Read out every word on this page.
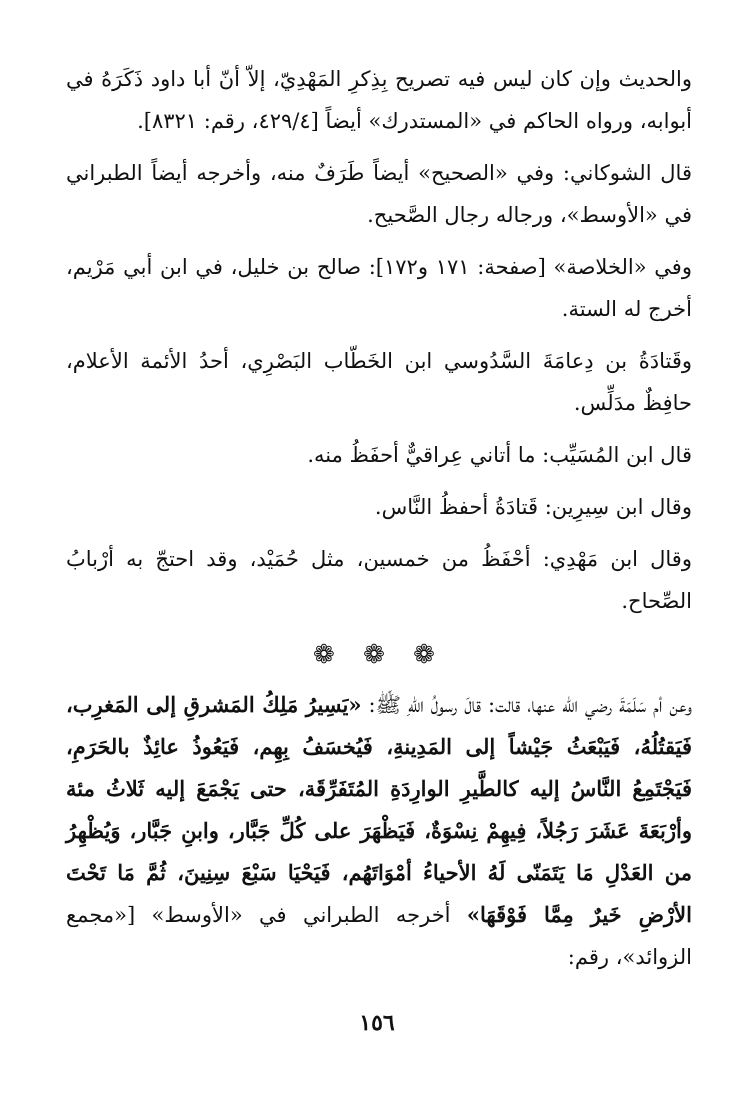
والحديث وإن كان ليس فيه تصريح بِذِكرِ المَهْدِيّ، إلاّ أنّ أبا داود ذَكَرَهُ في أبوابه، ورواه الحاكم في «المستدرك» أيضاً [٤٢٩/٤، رقم: ٨٣٢١].

قال الشوكاني: وفي «الصحيح» أيضاً طَرَفٌ منه، وأخرجه أيضاً الطبراني في «الأوسط»، ورجاله رجال الصَّحيح.

وفي «الخلاصة» [صفحة: ١٧١ و١٧٢]: صالح بن خليل، في ابن أبي مَرْيم، أخرج له الستة.

وقَتادَةُ بن دِعامَةَ السَّدُوسي ابن الخَطّاب البَصْرِي، أحدُ الأئمة الأعلام، حافِظٌ مدَلِّس.

قال ابن المُسَيِّب: ما أتاني عِراقيٌّ أحفَظُ منه.

وقال ابن سِيرِين: قَتادَةُ أحفظُ النَّاس.

وقال ابن مَهْدِي: أحْفَظُ من خمسين، مثل حُمَيْد، وقد احتجّ به أرْبابُ الصِّحاح.

❁ ❁ ❁

وعن أم سَلَمَةَ رضي الله عنها، قالت: قالَ رسولُ اللّهِ ﷺ: «يَسِيرُ مَلِكُ المَشرقِ إلى المَغرِب، فَيَقتُلُهُ، فَيَبْعَثُ جَيْشاً إلى المَدِينةِ، فَيُخسَفُ بِهِم، فَيَعُوذُ عائِذٌ بالحَرَمِ، فَيَجْتَمِعُ النَّاسُ إليه كالطَّيرِ الوارِدَةِ المُتَفَرِّقَة، حتى يَجْمَعَ إليه ثَلاثُ مئة وأرْبَعَةَ عَشَرَ رَجُلاً، فِيهِمْ نِسْوَةٌ، فَيَظْهَرَ على كُلِّ جَبَّار، وابنِ جَبَّار، وَيُظْهِرُ من العَدْلِ مَا يَتَمَنّى لَهُ الأحياءُ أمْوَاتَهُم، فَيَحْيَا سَبْعَ سِنِينَ، ثُمَّ مَا تَحْتَ الأرْضِ خَيرٌ مِمَّا فَوْقَهَا» أخرجه الطبراني في «الأوسط» [«مجمع الزوائد»، رقم:

١٥٦
